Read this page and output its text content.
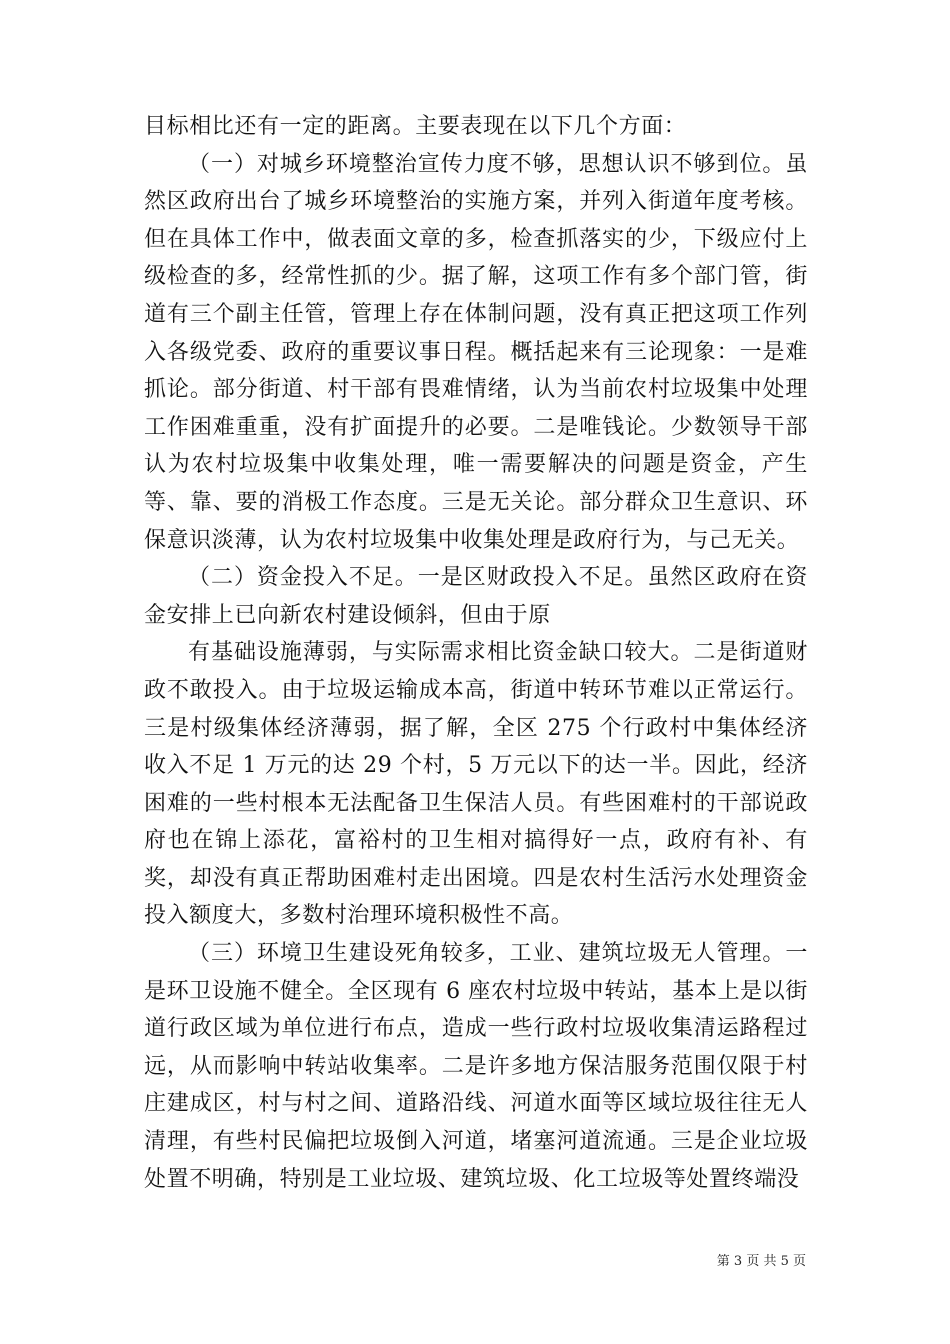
目标相比还有一定的距离。主要表现在以下几个方面：

（一）对城乡环境整治宣传力度不够，思想认识不够到位。虽然区政府出台了城乡环境整治的实施方案，并列入街道年度考核。但在具体工作中，做表面文章的多，检查抓落实的少，下级应付上级检查的多，经常性抓的少。据了解，这项工作有多个部门管，街道有三个副主任管，管理上存在体制问题，没有真正把这项工作列入各级党委、政府的重要议事日程。概括起来有三论现象：一是难抓论。部分街道、村干部有畏难情绪，认为当前农村垃圾集中处理工作困难重重，没有扩面提升的必要。二是唯钱论。少数领导干部认为农村垃圾集中收集处理，唯一需要解决的问题是资金，产生等、靠、要的消极工作态度。三是无关论。部分群众卫生意识、环保意识淡薄，认为农村垃圾集中收集处理是政府行为，与己无关。

（二）资金投入不足。一是区财政投入不足。虽然区政府在资金安排上已向新农村建设倾斜，但由于原

有基础设施薄弱，与实际需求相比资金缺口较大。二是街道财政不敢投入。由于垃圾运输成本高，街道中转环节难以正常运行。三是村级集体经济薄弱，据了解，全区 275 个行政村中集体经济收入不足 1 万元的达 29 个村，5 万元以下的达一半。因此，经济困难的一些村根本无法配备卫生保洁人员。有些困难村的干部说政府也在锦上添花，富裕村的卫生相对搞得好一点，政府有补、有奖，却没有真正帮助困难村走出困境。四是农村生活污水处理资金投入额度大，多数村治理环境积极性不高。

（三）环境卫生建设死角较多，工业、建筑垃圾无人管理。一是环卫设施不健全。全区现有 6 座农村垃圾中转站，基本上是以街道行政区域为单位进行布点，造成一些行政村垃圾收集清运路程过远，从而影响中转站收集率。二是许多地方保洁服务范围仅限于村庄建成区，村与村之间、道路沿线、河道水面等区域垃圾往往无人清理，有些村民偏把垃圾倒入河道，堵塞河道流通。三是企业垃圾处置不明确，特别是工业垃圾、建筑垃圾、化工垃圾等处置终端没

第 3 页 共 5 页
